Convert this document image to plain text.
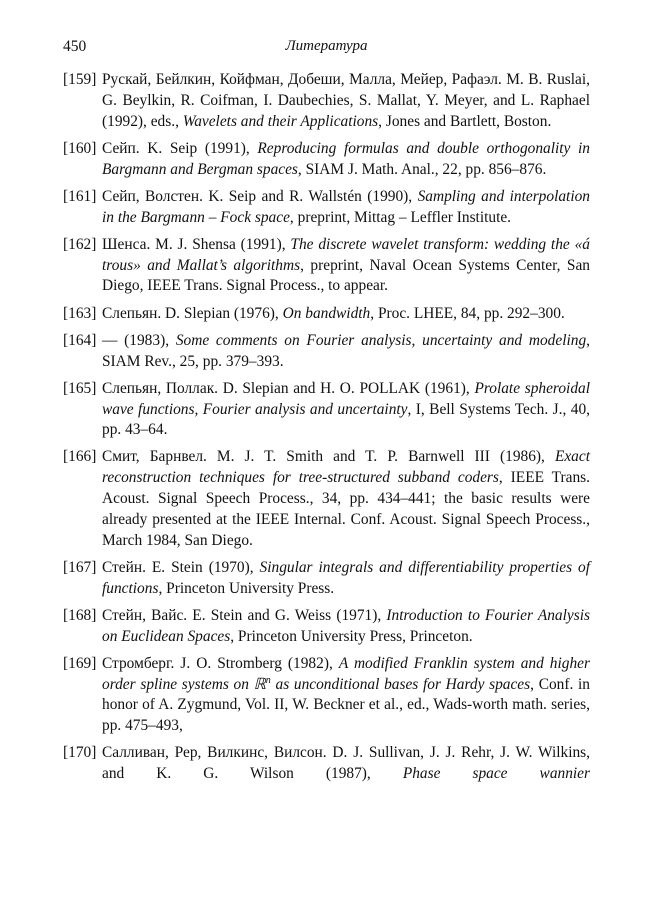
450	Литература
[159] Рускай, Бейлкин, Койфман, Добеши, Малла, Мейер, Рафаэл. M. B. Ruslai, G. Beylkin, R. Coifman, I. Daubechies, S. Mallat, Y. Meyer, and L. Raphael (1992), eds., Wavelets and their Applications, Jones and Bartlett, Boston.
[160] Сейп. K. Seip (1991), Reproducing formulas and double orthogonality in Bargmann and Bergman spaces, SIAM J. Math. Anal., 22, pp. 856–876.
[161] Сейп, Волстен. K. Seip and R. Wallstén (1990), Sampling and interpolation in the Bargmann – Fock space, preprint, Mittag – Leffler Institute.
[162] Шенса. M. J. Shensa (1991), The discrete wavelet transform: wedding the «á trous» and Mallat’s algorithms, preprint, Naval Ocean Systems Center, San Diego, IEEE Trans. Signal Process., to appear.
[163] Слепьян. D. Slepian (1976), On bandwidth, Proc. LHEE, 84, pp. 292–300.
[164] — (1983), Some comments on Fourier analysis, uncertainty and modeling, SIAM Rev., 25, pp. 379–393.
[165] Слепьян, Поллак. D. Slepian and H. O. POLLAK (1961), Prolate spheroidal wave functions, Fourier analysis and uncertainty, I, Bell Systems Tech. J., 40, pp. 43–64.
[166] Смит, Барнвел. M. J. T. Smith and T. P. Barnwell III (1986), Exact reconstruction techniques for tree-structured subband coders, IEEE Trans. Acoust. Signal Speech Process., 34, pp. 434–441; the basic results were already presented at the IEEE Internal. Conf. Acoust. Signal Speech Process., March 1984, San Diego.
[167] Стейн. E. Stein (1970), Singular integrals and differentiability properties of functions, Princeton University Press.
[168] Стейн, Вайс. E. Stein and G. Weiss (1971), Introduction to Fourier Analysis on Euclidean Spaces, Princeton University Press, Princeton.
[169] Стромберг. J. O. Stromberg (1982), A modified Franklin system and higher order spline systems on ℝ$^n$ as unconditional bases for Hardy spaces, Conf. in honor of A. Zygmund, Vol. II, W. Beckner et al., ed., Wads-worth math. series, pp. 475–493,
[170] Салливан, Рер, Вилкинс, Вилсон. D. J. Sullivan, J. J. Rehr, J. W. Wilkins, and K. G. Wilson (1987), Phase space wannier
